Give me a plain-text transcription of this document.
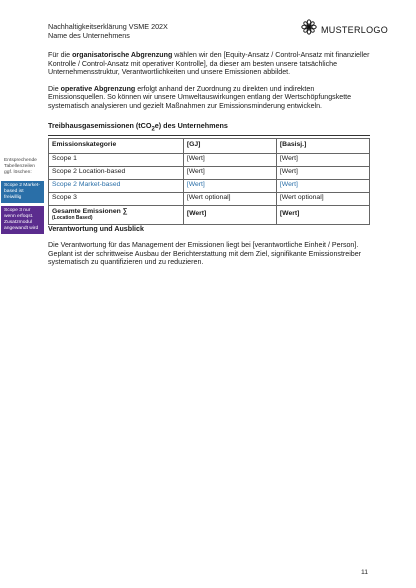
Nachhaltigkeitserklärung VSME 202X
Name des Unternehmens
MUSTERLOGO
Entsprechende Tabellenzeilen ggf. löschen:
Scope 2 Market-based ist freiwillig
Scope 3 nur wenn erfoqst. Zusatzmodul angewandt wird

Für die organisatorische Abgrenzung wählen wir den [Equity-Ansatz / Control-Ansatz mit finanzieller Kontrolle / Control-Ansatz mit operativer Kontrolle], da dieser am besten unsere tatsächliche Unternehmensstruktur, Verantwortlichkeiten und unsere Emissionen abbildet.

Die operative Abgrenzung erfolgt anhand der Zuordnung zu direkten und indirekten Emissionsquellen. So können wir unsere Umweltauswirkungen entlang der Wertschöpfungskette systematisch analysieren und gezielt Maßnahmen zur Emissionsminderung entwickeln.

Treibhausgasemissionen (tCO$_2$e) des Unternehmens
Emissionskategorie	[GJ]	[Basisj.]
Scope 1	[Wert]	[Wert]
Scope 2 Location-based	[Wert]	[Wert]
Scope 2 Market-based	[Wert]	[Wert]
Scope 3	[Wert optional]	[Wert optional]
Gesamte Emissionen ∑
(Location Based)	[Wert]	[Wert]

Verantwortung und Ausblick

Die Verantwortung für das Management der Emissionen liegt bei [verantwortliche Einheit / Person]. Geplant ist der schrittweise Ausbau der Berichterstattung mit dem Ziel, signifikante Emissionstreiber systematisch zu quantifizieren und zu reduzieren.

11
